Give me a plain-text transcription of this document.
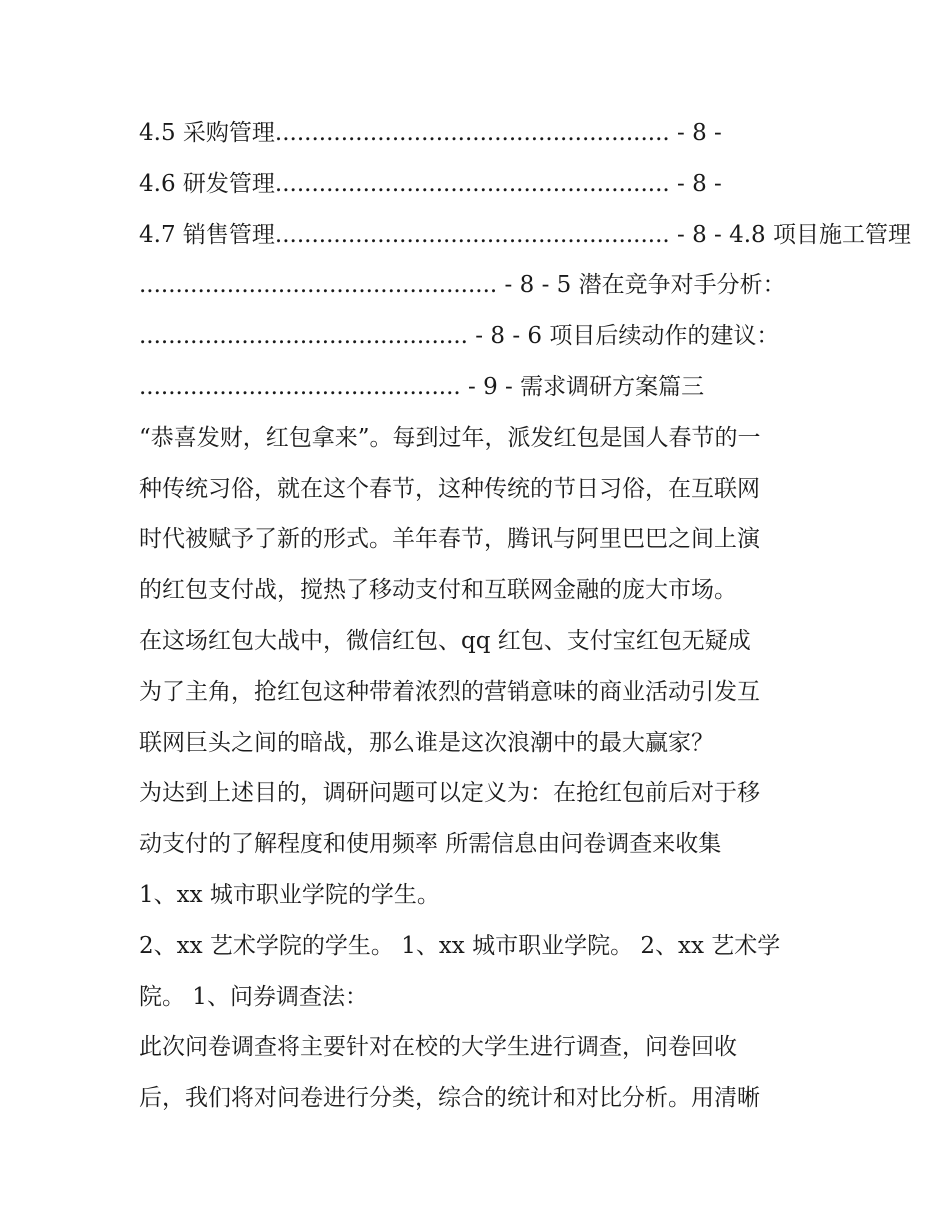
4.5 采购管理...................................................... - 8 -
4.6 研发管理...................................................... - 8 -
4.7 销售管理...................................................... - 8 - 4.8 项目施工管理
................................................. - 8 - 5 潜在竞争对手分析：
............................................. - 8 - 6 项目后续动作的建议：
............................................ - 9 - 需求调研方案篇三
“恭喜发财，红包拿来”。每到过年，派发红包是国人春节的一
种传统习俗，就在这个春节，这种传统的节日习俗，在互联网
时代被赋予了新的形式。羊年春节，腾讯与阿里巴巴之间上演
的红包支付战，搅热了移动支付和互联网金融的庞大市场。
在这场红包大战中，微信红包、qq 红包、支付宝红包无疑成
为了主角，抢红包这种带着浓烈的营销意味的商业活动引发互
联网巨头之间的暗战，那么谁是这次浪潮中的最大赢家？
为达到上述目的，调研问题可以定义为：在抢红包前后对于移
动支付的了解程度和使用频率 所需信息由问卷调查来收集
1、xx 城市职业学院的学生。
2、xx 艺术学院的学生。 1、xx 城市职业学院。 2、xx 艺术学
院。 1、问券调查法：
此次问卷调查将主要针对在校的大学生进行调查，问卷回收
后，我们将对问卷进行分类，综合的统计和对比分析。用清晰
